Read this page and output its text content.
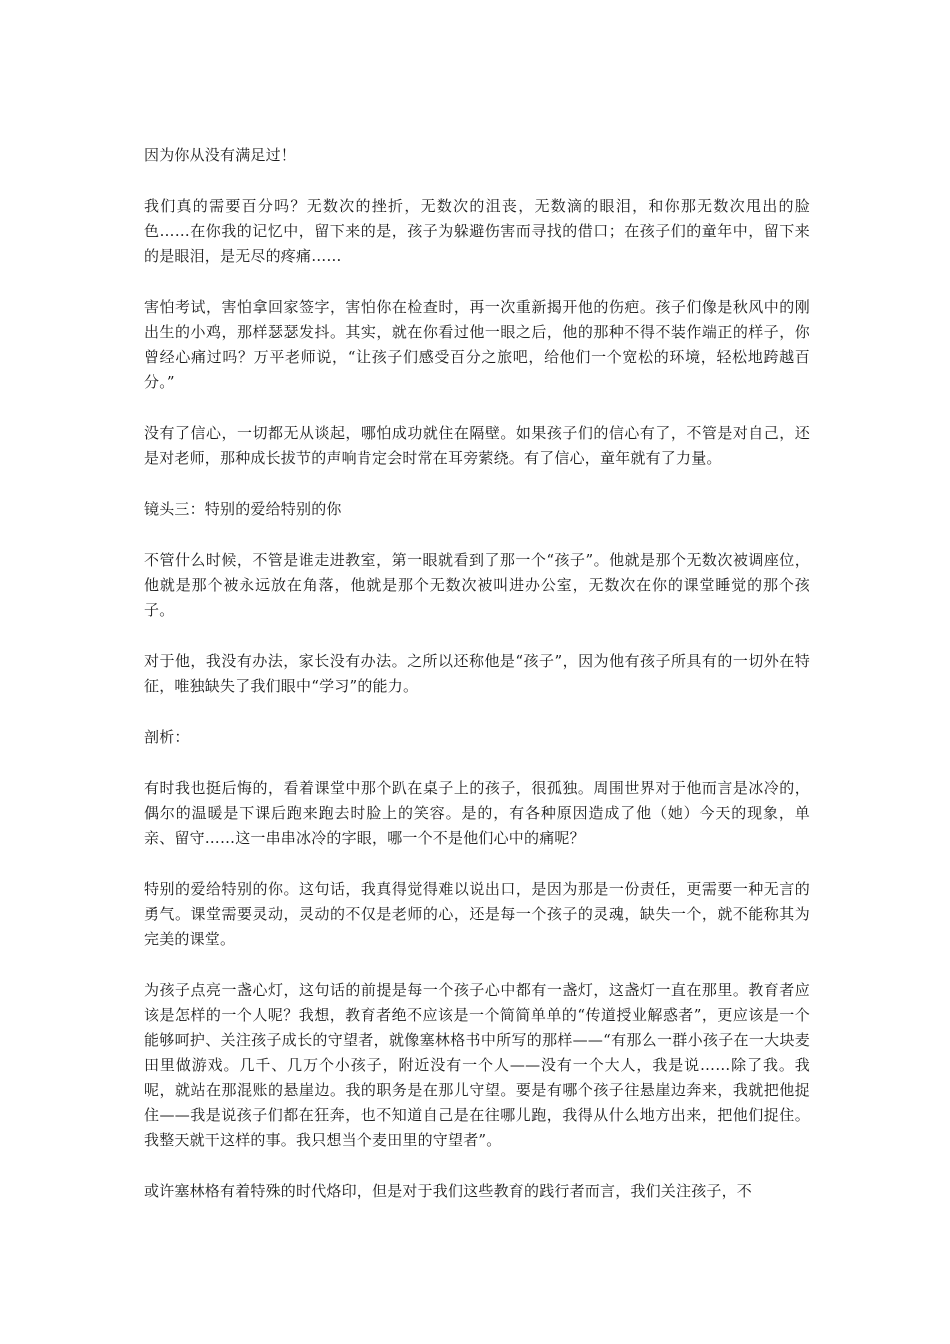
因为你从没有满足过！

我们真的需要百分吗？无数次的挫折，无数次的沮丧，无数滴的眼泪，和你那无数次甩出的脸色……在你我的记忆中，留下来的是，孩子为躲避伤害而寻找的借口；在孩子们的童年中，留下来的是眼泪，是无尽的疼痛……

害怕考试，害怕拿回家签字，害怕你在检查时，再一次重新揭开他的伤疤。孩子们像是秋风中的刚出生的小鸡，那样瑟瑟发抖。其实，就在你看过他一眼之后，他的那种不得不装作端正的样子，你曾经心痛过吗？万平老师说，“让孩子们感受百分之旅吧，给他们一个宽松的环境，轻松地跨越百分。”

没有了信心，一切都无从谈起，哪怕成功就住在隔壁。如果孩子们的信心有了，不管是对自己，还是对老师，那种成长拔节的声响肯定会时常在耳旁萦绕。有了信心，童年就有了力量。

镜头三：特别的爱给特别的你

不管什么时候，不管是谁走进教室，第一眼就看到了那一个“孩子”。他就是那个无数次被调座位，他就是那个被永远放在角落，他就是那个无数次被叫进办公室，无数次在你的课堂睡觉的那个孩子。

对于他，我没有办法，家长没有办法。之所以还称他是“孩子”，因为他有孩子所具有的一切外在特征，唯独缺失了我们眼中“学习”的能力。

剖析：

有时我也挺后悔的，看着课堂中那个趴在桌子上的孩子，很孤独。周围世界对于他而言是冰冷的，偶尔的温暖是下课后跑来跑去时脸上的笑容。是的，有各种原因造成了他（她）今天的现象，单亲、留守……这一串串冰冷的字眼，哪一个不是他们心中的痛呢？

特别的爱给特别的你。这句话，我真得觉得难以说出口，是因为那是一份责任，更需要一种无言的勇气。课堂需要灵动，灵动的不仅是老师的心，还是每一个孩子的灵魂，缺失一个，就不能称其为完美的课堂。

为孩子点亮一盏心灯，这句话的前提是每一个孩子心中都有一盏灯，这盏灯一直在那里。教育者应该是怎样的一个人呢？我想，教育者绝不应该是一个简简单单的“传道授业解惑者”，更应该是一个能够呵护、关注孩子成长的守望者，就像塞林格书中所写的那样——“有那么一群小孩子在一大块麦田里做游戏。几千、几万个小孩子，附近没有一个人——没有一个大人，我是说……除了我。我呢，就站在那混账的悬崖边。我的职务是在那儿守望。要是有哪个孩子往悬崖边奔来，我就把他捉住——我是说孩子们都在狂奔，也不知道自己是在往哪儿跑，我得从什么地方出来，把他们捉住。我整天就干这样的事。我只想当个麦田里的守望者”。

或许塞林格有着特殊的时代烙印，但是对于我们这些教育的践行者而言，我们关注孩子，不
